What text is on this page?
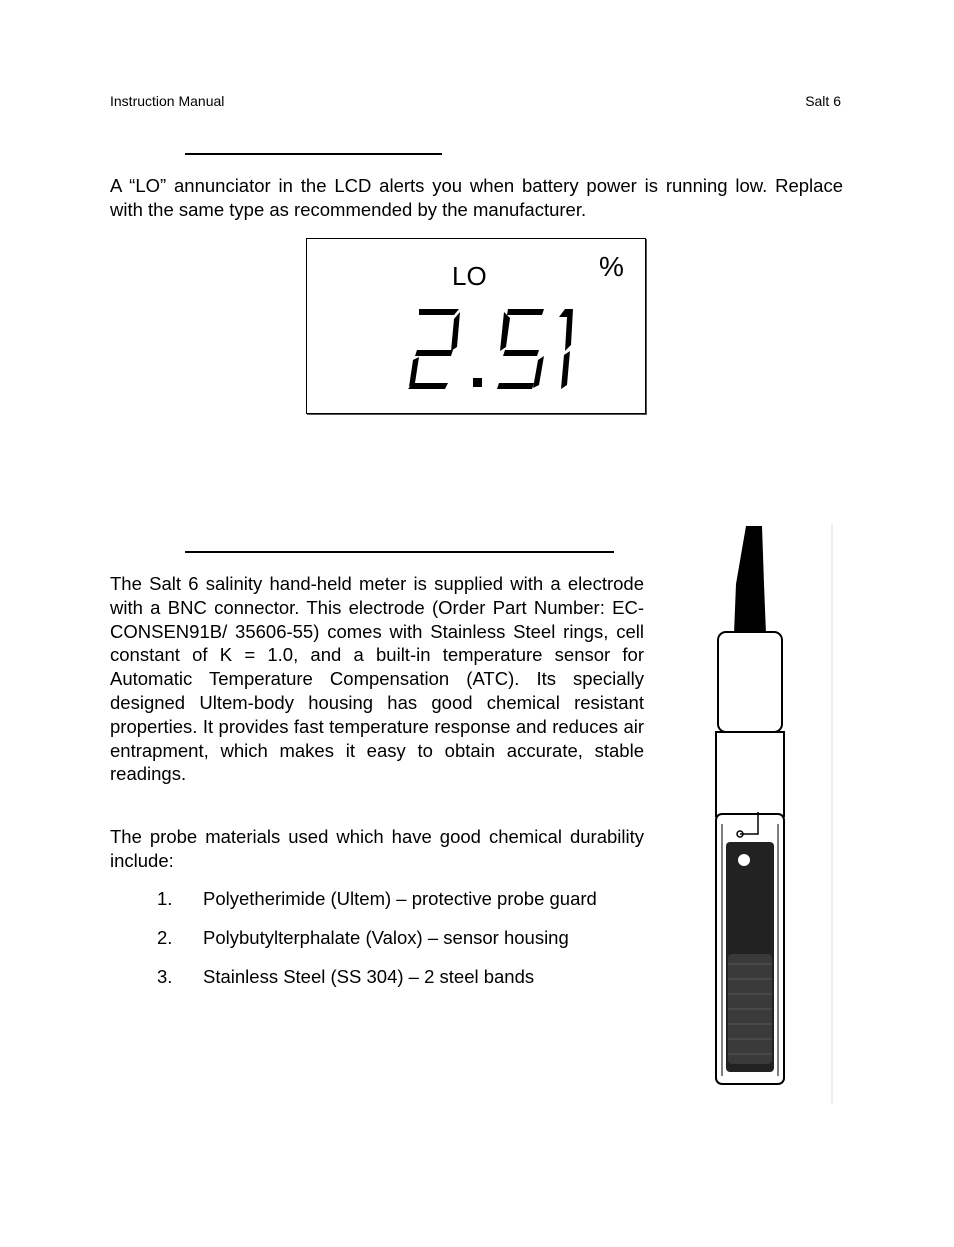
Instruction Manual	Salt 6

A “LO” annunciator in the LCD alerts you when battery power is running low. Replace with the same type as recommended by the manufacturer.

LO	%

The Salt 6 salinity hand-held meter is supplied with a electrode with a BNC connector. This electrode (Order Part Number: EC-CONSEN91B/ 35606-55) comes with Stainless Steel rings, cell constant of K = 1.0, and a built-in temperature sensor for Automatic Temperature Compensation (ATC). Its specially designed Ultem-body housing has good chemical resistant properties. It provides fast temperature response and reduces air entrapment, which makes it easy to obtain accurate, stable readings.

The probe materials used which have good chemical durability include:

1. Polyetherimide (Ultem) – protective probe guard
2. Polybutylterphalate (Valox) – sensor housing
3. Stainless Steel (SS 304) – 2 steel bands
